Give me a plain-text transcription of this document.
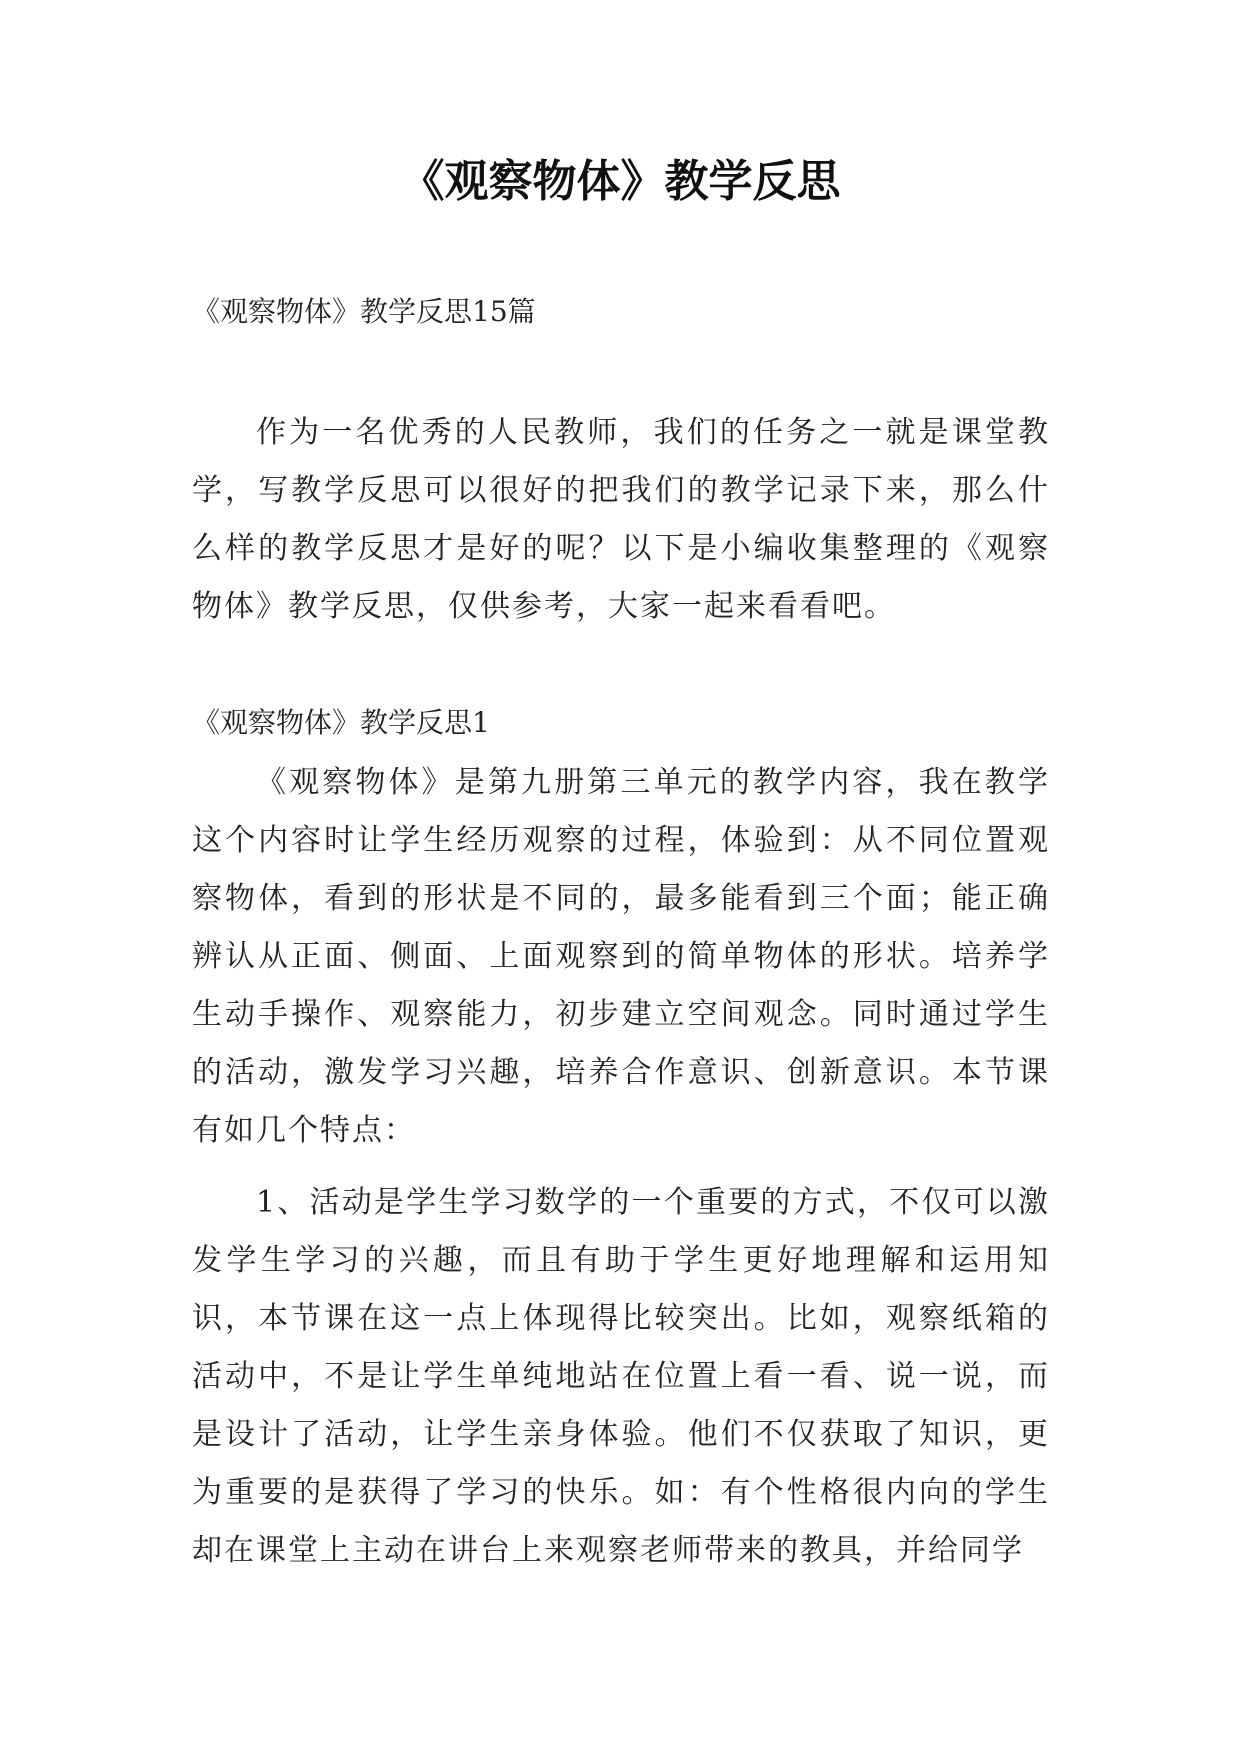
《观察物体》教学反思

《观察物体》教学反思15篇

作为一名优秀的人民教师，我们的任务之一就是课堂教学，写教学反思可以很好的把我们的教学记录下来，那么什么样的教学反思才是好的呢？以下是小编收集整理的《观察物体》教学反思，仅供参考，大家一起来看看吧。

《观察物体》教学反思1

《观察物体》是第九册第三单元的教学内容，我在教学这个内容时让学生经历观察的过程，体验到：从不同位置观察物体，看到的形状是不同的，最多能看到三个面；能正确辨认从正面、侧面、上面观察到的简单物体的形状。培养学生动手操作、观察能力，初步建立空间观念。同时通过学生的活动，激发学习兴趣，培养合作意识、创新意识。本节课有如几个特点：

1、活动是学生学习数学的一个重要的方式，不仅可以激发学生学习的兴趣，而且有助于学生更好地理解和运用知识，本节课在这一点上体现得比较突出。比如，观察纸箱的活动中，不是让学生单纯地站在位置上看一看、说一说，而是设计了活动，让学生亲身体验。他们不仅获取了知识，更为重要的是获得了学习的快乐。如：有个性格很内向的学生却在课堂上主动在讲台上来观察老师带来的教具，并给同学
